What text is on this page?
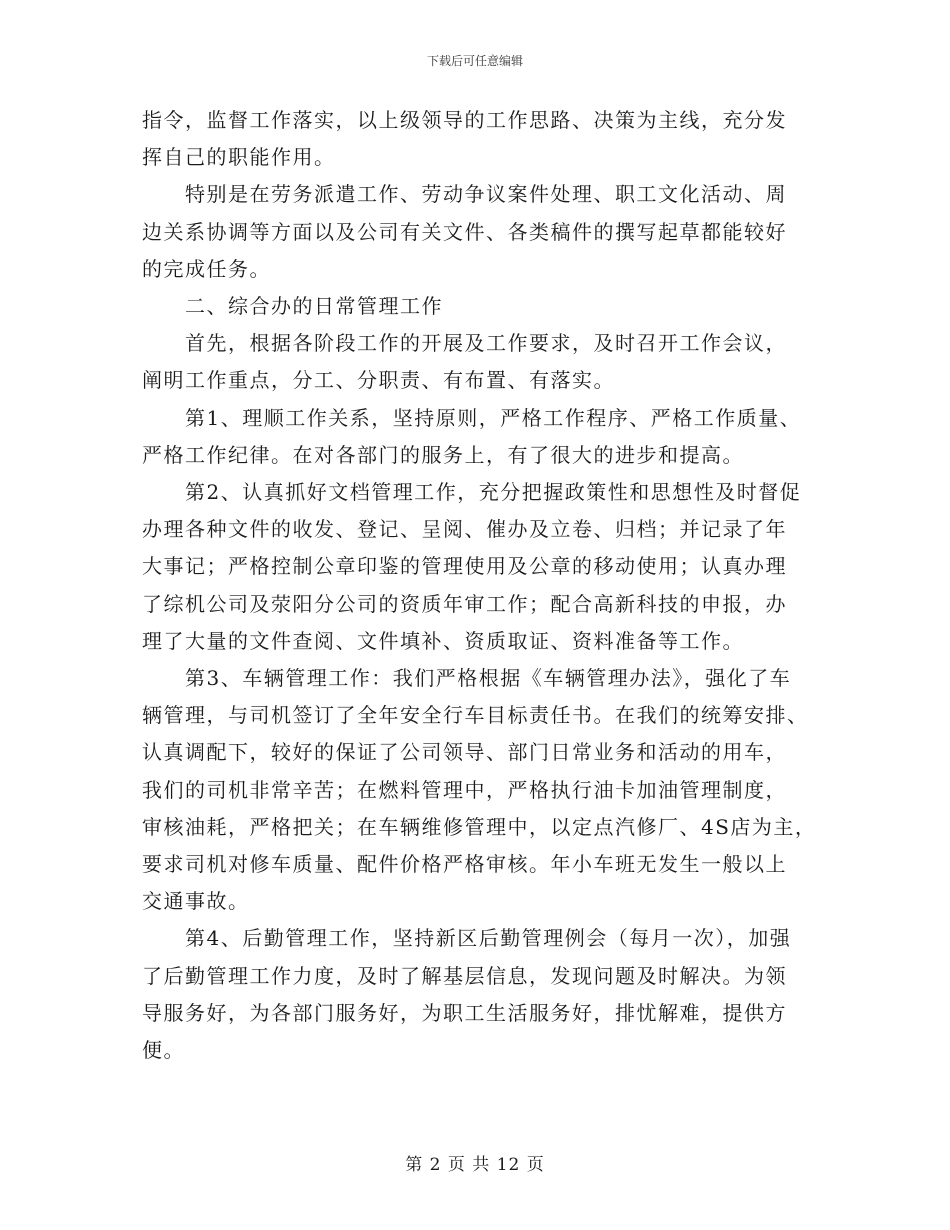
下载后可任意编辑

指令，监督工作落实，以上级领导的工作思路、决策为主线，充分发

挥自己的职能作用。

　　特别是在劳务派遣工作、劳动争议案件处理、职工文化活动、周

边关系协调等方面以及公司有关文件、各类稿件的撰写起草都能较好

的完成任务。

　　二、综合办的日常管理工作

　　首先，根据各阶段工作的开展及工作要求，及时召开工作会议，

阐明工作重点，分工、分职责、有布置、有落实。

　　第1、理顺工作关系，坚持原则，严格工作程序、严格工作质量、

严格工作纪律。在对各部门的服务上，有了很大的进步和提高。

　　第2、认真抓好文档管理工作，充分把握政策性和思想性及时督促

办理各种文件的收发、登记、呈阅、催办及立卷、归档；并记录了年

大事记；严格控制公章印鉴的管理使用及公章的移动使用；认真办理

了综机公司及荥阳分公司的资质年审工作；配合高新科技的申报，办

理了大量的文件查阅、文件填补、资质取证、资料准备等工作。

　　第3、车辆管理工作：我们严格根据《车辆管理办法》，强化了车

辆管理，与司机签订了全年安全行车目标责任书。在我们的统筹安排、

认真调配下，较好的保证了公司领导、部门日常业务和活动的用车，

我们的司机非常辛苦；在燃料管理中，严格执行油卡加油管理制度，

审核油耗，严格把关；在车辆维修管理中，以定点汽修厂、4S店为主，

要求司机对修车质量、配件价格严格审核。年小车班无发生一般以上

交通事故。

　　第4、后勤管理工作，坚持新区后勤管理例会（每月一次），加强

了后勤管理工作力度，及时了解基层信息，发现问题及时解决。为领

导服务好，为各部门服务好，为职工生活服务好，排忧解难，提供方

便。

第 2 页 共 12 页
